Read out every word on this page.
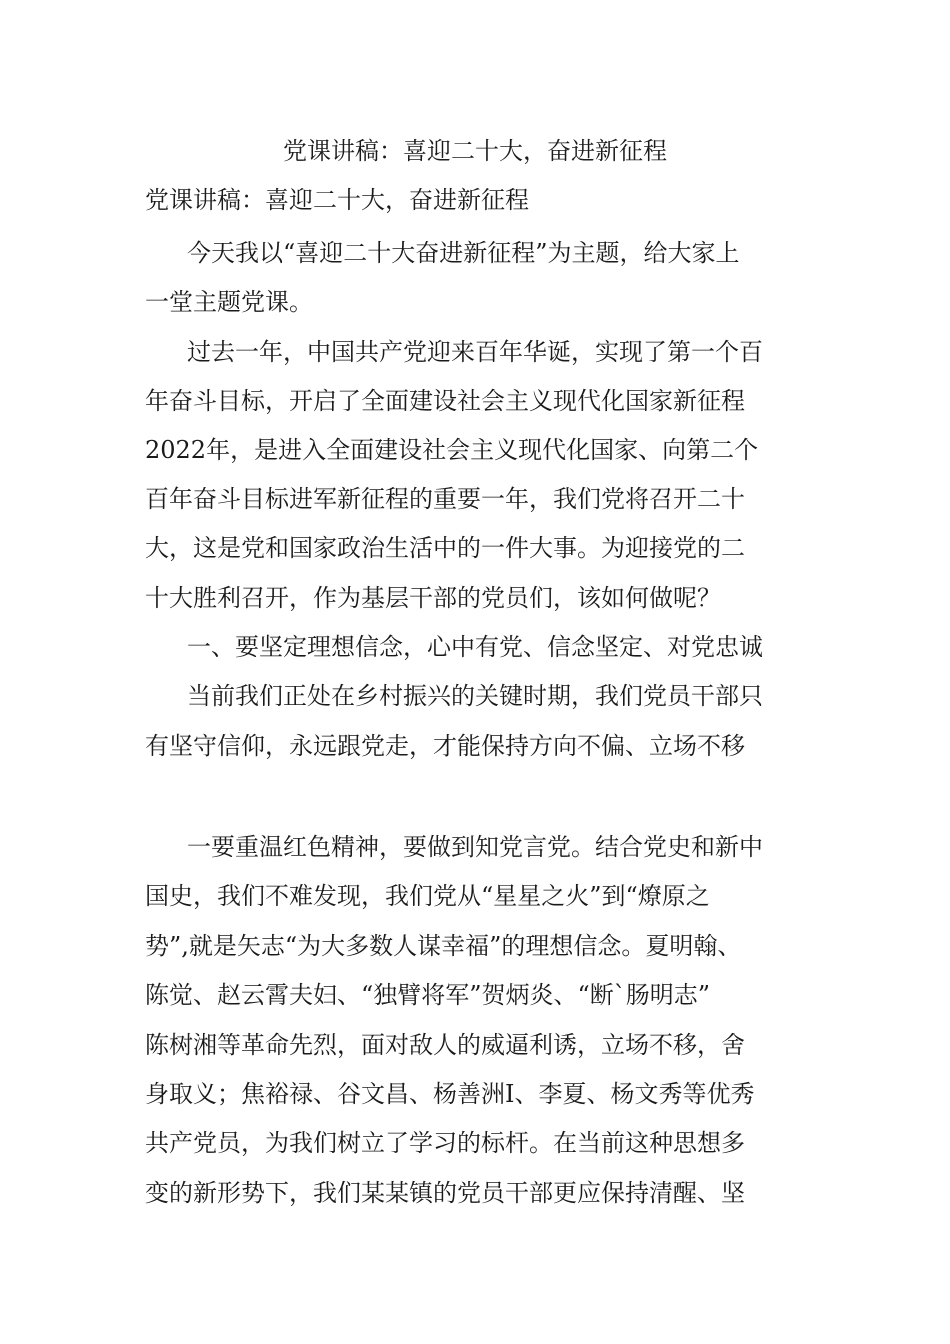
党课讲稿：喜迎二十大，奋进新征程

党课讲稿：喜迎二十大，奋进新征程

今天我以“喜迎二十大奋进新征程”为主题，给大家上

一堂主题党课。

过去一年，中国共产党迎来百年华诞，实现了第一个百

年奋斗目标，开启了全面建设社会主义现代化国家新征程

2022年，是进入全面建设社会主义现代化国家、向第二个

百年奋斗目标进军新征程的重要一年，我们党将召开二十

大，这是党和国家政治生活中的一件大事。为迎接党的二

十大胜利召开，作为基层干部的党员们，该如何做呢？

一、要坚定理想信念，心中有党、信念坚定、对党忠诚

当前我们正处在乡村振兴的关键时期，我们党员干部只

有坚守信仰，永远跟党走，才能保持方向不偏、立场不移

一要重温红色精神，要做到知党言党。结合党史和新中

国史，我们不难发现，我们党从“星星之火”到“燎原之

势”,就是矢志“为大多数人谋幸福”的理想信念。夏明翰、

陈觉、赵云霄夫妇、“独臂将军”贺炳炎、“断`肠明志”

陈树湘等革命先烈，面对敌人的威逼利诱，立场不移，舍

身取义；焦裕禄、谷文昌、杨善洲I、李夏、杨文秀等优秀

共产党员，为我们树立了学习的标杆。在当前这种思想多

变的新形势下，我们某某镇的党员干部更应保持清醒、坚
